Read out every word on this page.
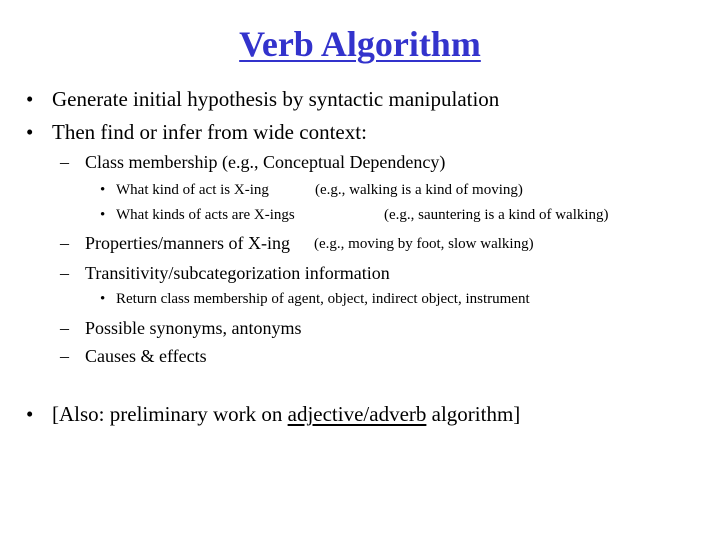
Verb Algorithm
• Generate initial hypothesis by syntactic manipulation
• Then find or infer from wide context:
– Class membership (e.g., Conceptual Dependency)
• What kind of act is X-ing	(e.g., walking is a kind of moving)
• What kinds of acts are X-ings	(e.g., sauntering is a kind of walking)
– Properties/manners of X-ing (e.g., moving by foot, slow walking)
– Transitivity/subcategorization information
• Return class membership of agent, object, indirect object, instrument
– Possible synonyms, antonyms
– Causes & effects
• [Also: preliminary work on adjective/adverb algorithm]
